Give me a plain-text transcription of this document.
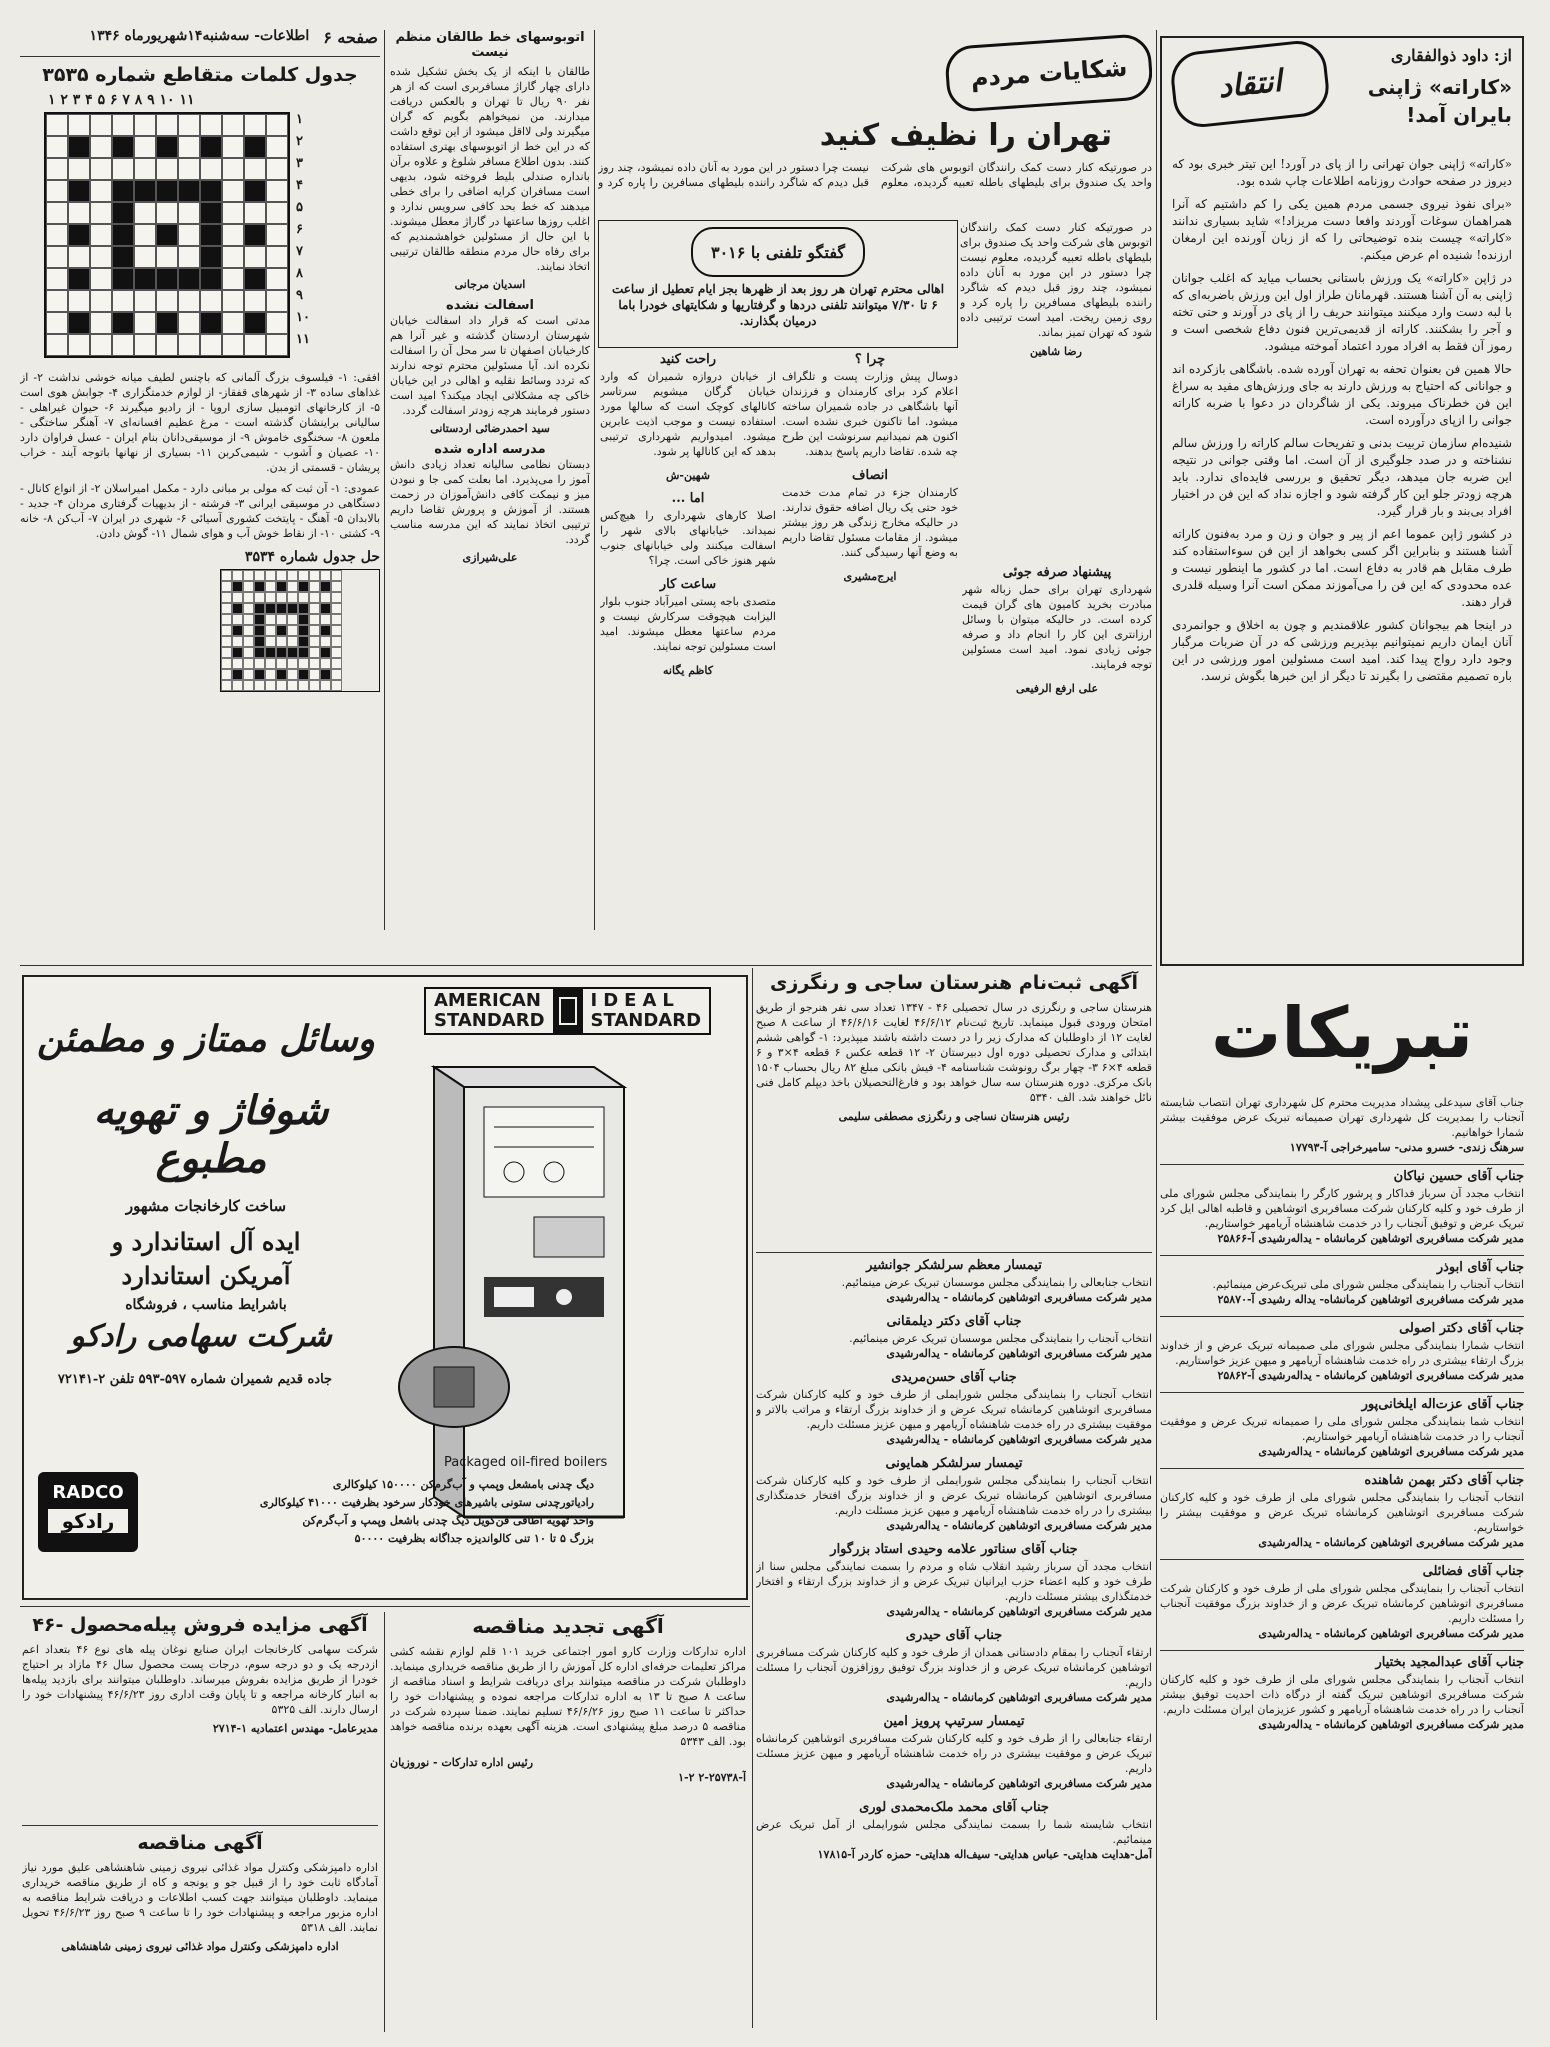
صفحه ۶
اطلاعات- سه‌شنبه۱۴شهریورماه ۱۳۴۶
جدول کلمات متقاطع شماره ۳۵۳۵
۱ ۲ ۳ ۴ ۵ ۶ ۷ ۸ ۹ ۱۰ ۱۱
۱
۲
۳
۴
۵
۶
۷
۸
۹
۱۰
۱۱
افقی: ۱- فیلسوف بزرگ آلمانی که باچنس لطیف میانه خوشی نداشت ۲- از غذاهای ساده ۳- از شهرهای قفقاز- از لوازم خدمتگزاری ۴- جوابش هوی است ۵- از کارخانهای اتومبیل سازی اروپا - از رادیو میگیرند ۶- حیوان غیراهلی - سالیانی براینشان گذشته است - مرغ عظیم افسانه‌ای ۷- آهنگر ساختگی - ملعون ۸- سخنگوی خاموش ۹- از موسیقی‌دانان بنام ایران - عسل فراوان دارد ۱۰- عصیان و آشوب - شیمی‌کربن ۱۱- بسیاری از نهانها باتوجه آیند - خراب پریشان - قسمتی از بدن.
عمودی: ۱- آن ثبت که مولی بر مبانی دارد - مکمل امیراسلان ۲- از انواع کانال - دستگاهی در موسیقی ایرانی ۳- فرشته - از بدیهیات گرفتاری مردان ۴- جدید - بالابدان ۵- آهنگ - پایتخت کشوری آسیائی ۶- شهری در ایران ۷- آب‌کن ۸- خانه ۹- کشتی ۱۰- از نقاط خوش آب و هوای شمال ۱۱- گوش دادن.
حل جدول شماره ۳۵۳۴
اتوبوسهای خط طالقان منظم نیست
طالقان با اینکه از یک بخش تشکیل شده دارای چهار گاراژ مسافربری است که از هر نفر ۹۰ ریال تا تهران و بالعکس دریافت میدارند. من نمیخواهم بگویم که گران میگیرند ولی لااقل میشود از این توقع داشت که در این خط از اتوبوسهای بهتری استفاده کنند. بدون اطلاع مسافر شلوغ و علاوه برآن بانداره صندلی بلیط فروخته شود، بدیهی است مسافران کرایه اضافی را برای خطی میدهند که خط بحد کافی سرویس ندارد و اغلب روزها ساعتها در گاراژ معطل میشوند. با این حال از مسئولین خواهشمندیم که برای رفاه حال مردم منطقه طالقان ترتیبی اتخاذ نمایند.
اسدیان مرجانی
اسفالت نشده
مدتی است که قرار داد اسفالت خیابان شهرستان اردستان گذشته و غیر آنرا هم کارخیابان اصفهان تا سر محل آن را اسفالت نکرده اند. آیا مسئولین محترم توجه ندارند که تردد وسائط نقلیه و اهالی در این خیابان خاکی چه مشکلاتی ایجاد میکند؟ امید است دستور فرمایند هرچه زودتر اسفالت گردد.
سید احمدرضائی اردستانی
مدرسه اداره شده
دبستان نظامی سالیانه تعداد زیادی دانش آموز را می‌پذیرد. اما بعلت کمی جا و نبودن میز و نیمکت کافی دانش‌آموزان در زحمت هستند. از آموزش و پرورش تقاضا داریم ترتیبی اتخاذ نمایند که این مدرسه مناسب گردد.
علی‌شیرازی
شکایات مردم
تهران را نظیف کنید
در صورتیکه کنار دست کمک رانندگان اتوبوس های شرکت واحد یک صندوق برای بلیطهای باطله تعبیه گردیده، معلوم نیست چرا دستور در این مورد به آنان داده نمیشود، چند روز قبل دیدم که شاگرد راننده بلیطهای مسافرین را پاره کرد و
گفتگو تلفنی با ۳۰۱۶
اهالی محترم تهران هر روز بعد از ظهرها بجز ایام تعطیل از ساعت ۶ تا ۷/۳۰ میتوانند تلفنی دردها و گرفتاریها و شکایتهای خودرا باما درمیان بگذارند.
در صورتیکه کنار دست کمک رانندگان اتوبوس های شرکت واحد یک صندوق برای بلیطهای باطله تعبیه گردیده، معلوم نیست چرا دستور در این مورد به آنان داده نمیشود، چند روز قبل دیدم که شاگرد راننده بلیطهای مسافرین را پاره کرد و روی زمین ریخت. امید است ترتیبی داده شود که تهران تمیز بماند.
رضا شاهین
چرا ؟
دوسال پیش وزارت پست و تلگراف اعلام کرد برای کارمندان و فرزندان آنها باشگاهی در جاده شمیران ساخته میشود. اما تاکنون خبری نشده است. اکنون هم نمیدانیم سرنوشت این طرح چه شده. تقاضا داریم پاسخ بدهند.
انصاف
کارمندان جزء در تمام مدت خدمت خود حتی یک ریال اضافه حقوق ندارند. در حالیکه مخارج زندگی هر روز بیشتر میشود. از مقامات مسئول تقاضا داریم به وضع آنها رسیدگی کنند.
ایرج‌مشیری
راحت کنید
از خیابان دروازه شمیران که وارد خیابان گرگان میشویم سرتاسر کانالهای کوچک است که سالها مورد استفاده نیست و موجب اذیت عابرین میشود. امیدواریم شهرداری ترتیبی بدهد که این کانالها پر شود.
شهین-ش
اما ...
اصلا کارهای شهرداری را هیچ‌کس نمیداند. خیابانهای بالای شهر را اسفالت میکنند ولی خیابانهای جنوب شهر هنوز خاکی است. چرا؟
ساعت کار
متصدی باجه پستی امیرآباد جنوب بلوار الیزابت هیچوقت سرکارش نیست و مردم ساعتها معطل میشوند. امید است مسئولین توجه نمایند.
کاظم یگانه
پیشنهاد صرفه جوئی
شهرداری تهران برای حمل زباله شهر مبادرت بخرید کامیون های گران قیمت کرده است. در حالیکه میتوان با وسائل ارزانتری این کار را انجام داد و صرفه جوئی زیادی نمود. امید است مسئولین توجه فرمایند.
علی ارفع الرفیعی
از: داود ذوالفقاری
«کاراته» ژاپنی بایران آمد!
انتقاد
«کاراته» ژاپنی جوان تهرانی را از پای در آورد! این تیتر خبری بود که دیروز در صفحه حوادث روزنامه اطلاعات چاپ شده بود.
«برای نفوذ نیروی جسمی مردم همین یکی را کم داشتیم که آنرا همراهمان سوغات آوردند وافعا دست مریزاد!» شاید بسیاری ندانند «کاراته» چیست بنده توضیحاتی را که از زبان آورنده این ارمغان ارزنده! شنیده ام عرض میکنم.
در ژاپن «کاراته» یک ورزش باستانی بحساب میاید که اغلب جوانان ژاپنی به آن آشنا هستند. قهرمانان طراز اول این ورزش باضربه‌ای که با لبه دست وارد میکنند میتوانند حریف را از پای در آورند و حتی تخته و آجر را بشکنند. کاراته از قدیمی‌ترین فنون دفاع شخصی است و رموز آن فقط به افراد مورد اعتماد آموخته میشود.
حالا همین فن بعنوان تحفه به تهران آورده شده. باشگاهی بازکرده اند و جوانانی که احتیاج به ورزش دارند به جای ورزش‌های مفید به سراغ این فن خطرناک میروند. یکی از شاگردان در دعوا با ضربه کاراته جوانی را ازپای درآورده است.
شنیده‌ام سازمان تربیت بدنی و تفریحات سالم کاراته را ورزش سالم نشناخته و در صدد جلوگیری از آن است. اما وقتی جوانی در نتیجه این ضربه جان میدهد، دیگر تحقیق و بررسی فایده‌ای ندارد. باید هرچه زودتر جلو این کار گرفته شود و اجازه نداد که این فن در اختیار افراد بی‌بند و بار قرار گیرد.
در کشور ژاپن عموما اعم از پیر و جوان و زن و مرد به‌فنون کاراته آشنا هستند و بنابراین اگر کسی بخواهد از این فن سوءاستفاده کند طرف مقابل هم قادر به دفاع است. اما در کشور ما اینطور نیست و عده محدودی که این فن را می‌آموزند ممکن است آنرا وسیله قلدری قرار دهند.
در اینجا هم بیجوانان کشور علاقمندیم و چون به اخلاق و جوانمردی آنان ایمان داریم نمیتوانیم بپذیریم ورزشی که در آن ضربات مرگبار وجود دارد رواج پیدا کند. امید است مسئولین امور ورزشی در این باره تصمیم مقتضی را بگیرند تا دیگر از این خبرها بگوش نرسد.
تبریکات
جناب آقای سیدعلی پیشداد مدیریت محترم کل شهرداری تهران انتصاب شایسته آنجناب را بمدیریت کل شهرداری تهران صمیمانه تبریک عرض موفقیت بیشتر شمارا خواهانیم.
سرهنگ زندی- خسرو مدنی- سامیرخراجی آ-۱۷۷۹۳
جناب آقای حسین نیاکان
انتخاب مجدد آن سرباز فداکار و پرشور کارگر را بنمایندگی مجلس شورای ملی از طرف خود و کلیه کارکنان شرکت مسافربری اتوشاهین و قاطبه اهالی ایل کرد تبریک عرض و توفیق آنجناب را در خدمت شاهنشاه آریامهر خواستاریم.
مدیر شرکت مسافربری اتوشاهین کرمانشاه - یداله‌رشیدی آ-۲۵۸۶۶
جناب آقای ابوذر
انتخاب آنجناب را بنمایندگی مجلس شورای ملی تبریک‌عرض مینمائیم.
مدیر شرکت مسافربری اتوشاهین کرمانشاه- یداله رشیدی آ-۲۵۸۷۰
جناب آقای دکتر اصولی
انتخاب شمارا بنمایندگی مجلس شورای ملی صمیمانه تبریک عرض و از خداوند بزرگ ارتقاء بیشتری در راه خدمت شاهنشاه آریامهر و میهن عزیز خواستاریم.
مدیر شرکت مسافربری اتوشاهین کرمانشاه - یداله‌رشیدی آ-۲۵۸۶۲
جناب آقای عزت‌اله ایلخانی‌پور
انتخاب شما بنمایندگی مجلس شورای ملی را صمیمانه تبریک عرض و موفقیت آنجناب را در خدمت شاهنشاه آریامهر خواستاریم.
مدیر شرکت مسافربری اتوشاهین کرمانشاه - یداله‌رشیدی
جناب آقای دکتر بهمن شاهنده
انتخاب آنجناب را بنمایندگی مجلس شورای ملی از طرف خود و کلیه کارکنان شرکت مسافربری اتوشاهین کرمانشاه تبریک عرض و موفقیت بیشتر را خواستاریم.
مدیر شرکت مسافربری اتوشاهین کرمانشاه - یداله‌رشیدی
جناب آقای فضائلی
انتخاب آنجناب را بنمایندگی مجلس شورای ملی از طرف خود و کارکنان شرکت مسافربری اتوشاهین کرمانشاه تبریک عرض و از خداوند بزرگ موفقیت آنجناب را مسئلت داریم.
مدیر شرکت مسافربری اتوشاهین کرمانشاه - یداله‌رشیدی
جناب آقای عبدالمجید بختیار
انتخاب آنجناب را بنمایندگی مجلس شورای ملی از طرف خود و کلیه کارکنان شرکت مسافربری اتوشاهین تبریک گفته از درگاه ذات احدیت توفیق بیشتر آنجناب را در راه خدمت شاهنشاه آریامهر و کشور عزیزمان ایران مسئلت داریم.
مدیر شرکت مسافربری اتوشاهین کرمانشاه - یداله‌رشیدی
AMERICAN
STANDARD
IDEAL
STANDARD
وسائل ممتاز و مطمئن
شوفاژ و تهویه مطبوع
ساخت کارخانجات مشهور
ایده آل استاندارد و
آمریکن استاندارد
باشرایط مناسب ، فروشگاه
شرکت سهامی رادکو
جاده قدیم شمیران شماره ۵۹۷-۵۹۳ تلفن ۲-۷۲۱۴۱
Packaged oil-fired boilers
دیگ چدنی بامشعل وپمپ و آب‌گرم‌کن ۱۵۰۰۰۰ کیلوکالری
رادیاتورچدنی ستونی باشیرهای خودکار سرخود بظرفیت ۴۱۰۰۰ کیلوکالری
واحد تهویه اطاقی فن‌کویل دیگ چدنی باشعل وپمپ و آب‌گرم‌کن
بزرگ ۵ تا ۱۰ تنی کالواندیزه جداگانه بظرفیت ۵۰۰۰۰
RADCO
رادکو
آگهی ثبت‌نام هنرستان ساجی و رنگرزی
هنرستان ساجی و رنگرزی در سال تحصیلی ۴۶ - ۱۳۴۷ تعداد سی نفر هنرجو از طریق امتحان ورودی قبول مینماید. تاریخ ثبت‌نام ۴۶/۶/۱۲ لغایت ۴۶/۶/۱۶ از ساعت ۸ صبح لغایت ۱۲ از داوطلبان که مدارک زیر را در دست داشته باشند میپذیرد: ۱- گواهی ششم ابتدائی و مدارک تحصیلی دوره اول دبیرستان ۲- ۱۲ قطعه عکس ۶ قطعه ۴×۳ و ۶ قطعه ۴×۶ ۳- چهار برگ رونوشت شناسنامه ۴- فیش بانکی مبلغ ۸۲ ریال بحساب ۱۵۰۴ بانک مرکزی. دوره هنرستان سه سال خواهد بود و فارغ‌التحصیلان باخذ دیپلم کامل فنی نائل خواهند شد. الف ۵۳۴۰
رئیس هنرستان نساجی و رنگرزی مصطفی سلیمی
تیمسار معظم سرلشکر جوانشیر
انتخاب جنابعالی را بنمایندگی مجلس موسسان تبریک عرض مینمائیم.
مدیر شرکت مسافربری اتوشاهین کرمانشاه - یداله‌رشیدی
جناب آقای دکتر دیلمقانی
انتخاب آنجناب را بنمایندگی مجلس موسسان تبریک عرض مینمائیم.
مدیر شرکت مسافربری اتوشاهین کرمانشاه - یداله‌رشیدی
جناب آقای حسن‌مریدی
انتخاب آنجناب را بنمایندگی مجلس شورایملی از طرف خود و کلیه کارکنان شرکت مسافربری اتوشاهین کرمانشاه تبریک عرض و از خداوند بزرگ ارتقاء و مراتب بالاتر و موفقیت بیشتری در راه خدمت شاهنشاه آریامهر و میهن عزیز مسئلت داریم.
مدیر شرکت مسافربری اتوشاهین کرمانشاه - یداله‌رشیدی
تیمسار سرلشکر همایونی
انتخاب آنجناب را بنمایندگی مجلس شورایملی از طرف خود و کلیه کارکنان شرکت مسافربری اتوشاهین کرمانشاه تبریک عرض و از خداوند بزرگ افتخار خدمتگذاری بیشتری را در راه خدمت شاهنشاه آریامهر و میهن عزیز مسئلت داریم.
مدیر شرکت مسافربری اتوشاهین کرمانشاه - یداله‌رشیدی
جناب آقای سناتور علامه وحیدی استاد بزرگوار
انتخاب مجدد آن سرباز رشید انقلاب شاه و مردم را بسمت نمایندگی مجلس سنا از طرف خود و کلیه اعضاء حزب ایرانیان تبریک عرض و از خداوند بزرگ ارتقاء و افتخار خدمتگذاری بیشتر مسئلت داریم.
مدیر شرکت مسافربری اتوشاهین کرمانشاه - یداله‌رشیدی
جناب آقای حیدری
ارتقاء آنجناب را بمقام دادستانی همدان از طرف خود و کلیه کارکنان شرکت مسافربری اتوشاهین کرمانشاه تبریک عرض و از خداوند بزرگ توفیق روزافزون آنجناب را مسئلت داریم.
مدیر شرکت مسافربری اتوشاهین کرمانشاه - یداله‌رشیدی
تیمسار سرتیپ پرویز امین
ارتقاء جنابعالی را از طرف خود و کلیه کارکنان شرکت مسافربری اتوشاهین کرمانشاه تبریک عرض و موفقیت بیشتری در راه خدمت شاهنشاه آریامهر و میهن عزیز مسئلت داریم.
مدیر شرکت مسافربری اتوشاهین کرمانشاه - یداله‌رشیدی
جناب آقای محمد ملک‌محمدی لوری
انتخاب شایسته شما را بسمت نمایندگی مجلس شورایملی از آمل تبریک عرض مینمائیم.
آمل-هدایت هدایتی- عباس هدایتی- سیف‌اله هدایتی- حمزه کاردر آ-۱۷۸۱۵
آگهی تجدید مناقصه
اداره تدارکات وزارت کارو امور اجتماعی خرید ۱۰۱ قلم لوازم نقشه کشی مراکز تعلیمات حرفه‌ای اداره کل آموزش را از طریق مناقصه خریداری مینماید. داوطلبان شرکت در مناقصه میتوانند برای دریافت شرایط و اسناد مناقصه از ساعت ۸ صبح تا ۱۳ به اداره تدارکات مراجعه نموده و پیشنهادات خود را حداکثر تا ساعت ۱۱ صبح روز ۴۶/۶/۲۶ تسلیم نمایند. ضمنا سپرده شرکت در مناقصه ۵ درصد مبلغ پیشنهادی است. هزینه آگهی بعهده برنده مناقصه خواهد بود. الف ۵۳۴۳
رئیس اداره تدارکات - نوروزیان
آ-۲۵۷۳۸-۲ ۲-۱
آگهی مزایده فروش پیله‌محصول -۴۶
شرکت سهامی کارخانجات ایران صنایع نوغان پیله های نوع ۴۶ بتعداد اعم ازدرجه یک و دو درجه سوم، درجات پست محصول سال ۴۶ ما‌زاد بر احتیاج خودرا از طریق مزایده بفروش میرساند. داوطلبان میتوانند برای بازدید پیله‌ها به انبار کارخانه مراجعه و تا پایان وقت اداری روز ۴۶/۶/۲۳ پیشنهادات خود را ارسال دارند. الف ۵۳۲۵
مدیرعامل- مهندس اعتمادیه ۱-۲۷۱۴
آگهی مناقصه
اداره دامپزشکی وکنترل مواد غذائی نیروی زمینی شاهنشاهی علیق مورد نیاز آمادگاه ثابت خود را از قبیل جو و یونجه و کاه از طریق مناقصه خریداری مینماید. داوطلبان میتوانند جهت کسب اطلاعات و دریافت شرایط مناقصه به اداره مزبور مراجعه و پیشنهادات خود را تا ساعت ۹ صبح روز ۴۶/۶/۲۳ تحویل نمایند. الف ۵۳۱۸
اداره دامپزشکی وکنترل مواد غذائی نیروی زمینی شاهنشاهی
